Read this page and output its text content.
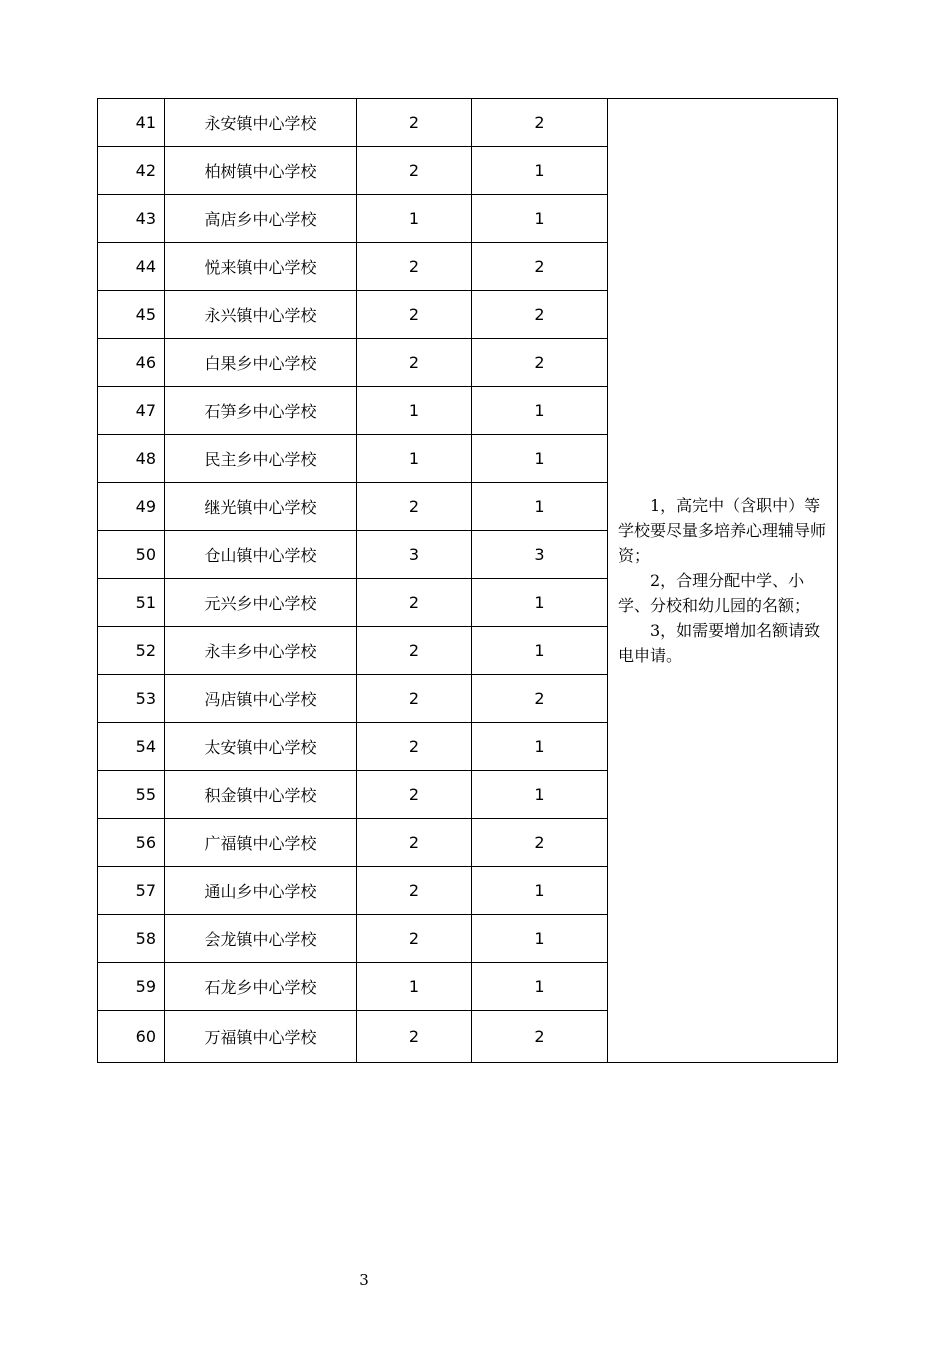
41	永安镇中心学校	2	2	1，高完中（含职中）等学校要尽量多培养心理辅导师资；

2，合理分配中学、小学、分校和幼儿园的名额；

3，如需要增加名额请致电申请。

42	柏树镇中心学校	2	1	
43	高店乡中心学校	1	1	
44	悦来镇中心学校	2	2	
45	永兴镇中心学校	2	2	
46	白果乡中心学校	2	2	
47	石笋乡中心学校	1	1	
48	民主乡中心学校	1	1	
49	继光镇中心学校	2	1	
50	仓山镇中心学校	3	3	
51	元兴乡中心学校	2	1	
52	永丰乡中心学校	2	1	
53	冯店镇中心学校	2	2	
54	太安镇中心学校	2	1	
55	积金镇中心学校	2	1	
56	广福镇中心学校	2	2	
57	通山乡中心学校	2	1	
58	会龙镇中心学校	2	1	
59	石龙乡中心学校	1	1	
60	万福镇中心学校	2	2	
3
